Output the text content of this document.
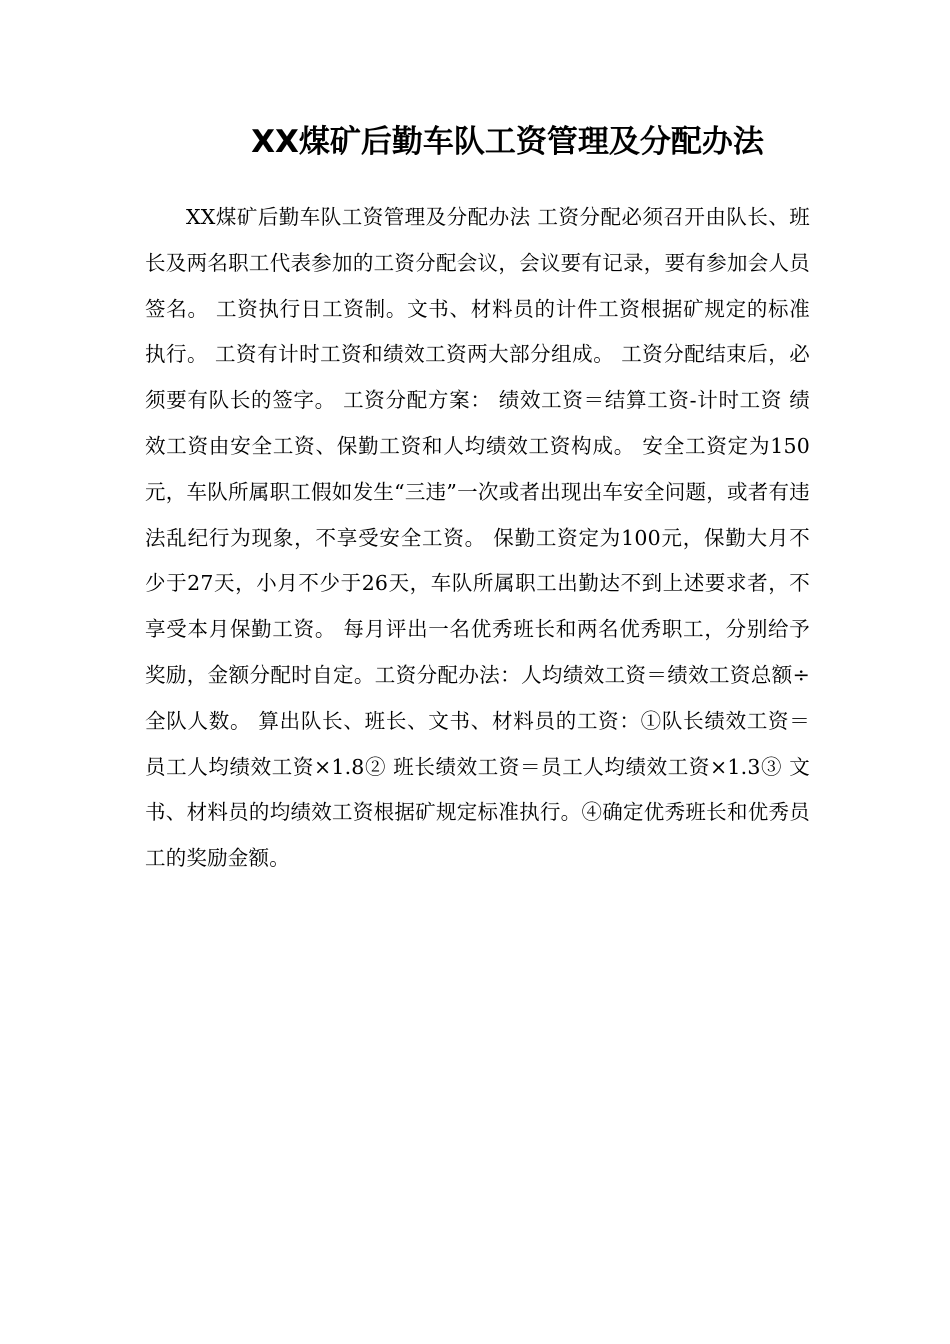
XX煤矿后勤车队工资管理及分配办法
XX煤矿后勤车队工资管理及分配办法 工资分配必须召开由队长、班长及两名职工代表参加的工资分配会议，会议要有记录，要有参加会人员签名。 工资执行日工资制。文书、材料员的计件工资根据矿规定的标准执行。 工资有计时工资和绩效工资两大部分组成。 工资分配结束后，必须要有队长的签字。 工资分配方案： 绩效工资＝结算工资-计时工资 绩效工资由安全工资、保勤工资和人均绩效工资构成。 安全工资定为150元，车队所属职工假如发生“三违”一次或者出现出车安全问题，或者有违法乱纪行为现象，不享受安全工资。 保勤工资定为100元，保勤大月不少于27天，小月不少于26天，车队所属职工出勤达不到上述要求者，不享受本月保勤工资。 每月评出一名优秀班长和两名优秀职工，分别给予奖励，金额分配时自定。工资分配办法：人均绩效工资＝绩效工资总额÷全队人数。 算出队长、班长、文书、材料员的工资：①队长绩效工资＝员工人均绩效工资×1.8② 班长绩效工资＝员工人均绩效工资×1.3③ 文书、材料员的均绩效工资根据矿规定标准执行。④确定优秀班长和优秀员工的奖励金额。
